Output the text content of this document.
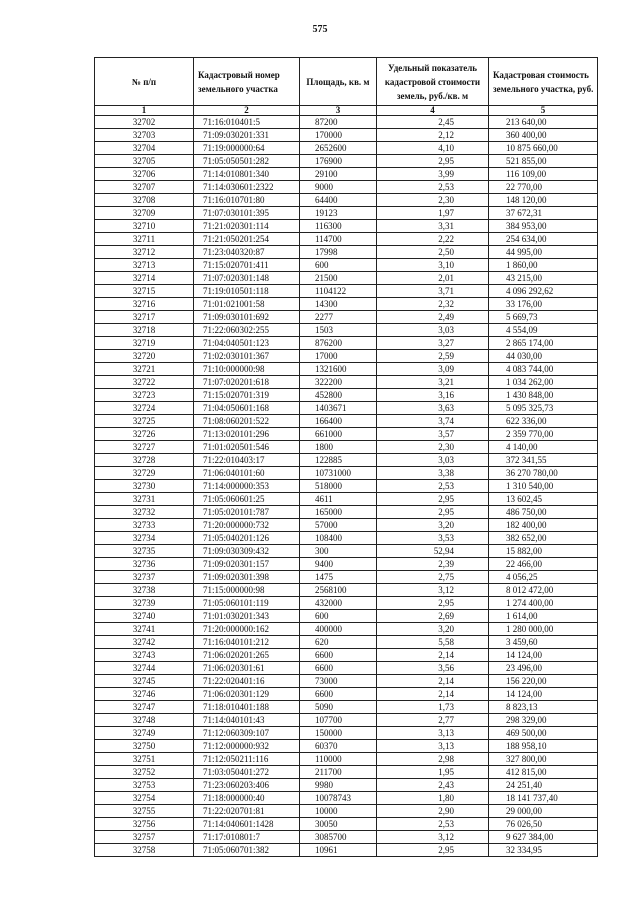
575
№ п/п	Кадастровый номер земельного участка	Площадь, кв. м	Удельный показатель кадастровой стоимости земель, руб./кв. м	Кадастровая стоимость земельного участка, руб.
1	2	3	4	5
32702	71:16:010401:5	87200	2,45	213 640,00
32703	71:09:030201:331	170000	2,12	360 400,00
32704	71:19:000000:64	2652600	4,10	10 875 660,00
32705	71:05:050501:282	176900	2,95	521 855,00
32706	71:14:010801:340	29100	3,99	116 109,00
32707	71:14:030601:2322	9000	2,53	22 770,00
32708	71:16:010701:80	64400	2,30	148 120,00
32709	71:07:030101:395	19123	1,97	37 672,31
32710	71:21:020301:114	116300	3,31	384 953,00
32711	71:21:050201:254	114700	2,22	254 634,00
32712	71:23:040320:87	17998	2,50	44 995,00
32713	71:15:020701:411	600	3,10	1 860,00
32714	71:07:020301:148	21500	2,01	43 215,00
32715	71:19:010501:118	1104122	3,71	4 096 292,62
32716	71:01:021001:58	14300	2,32	33 176,00
32717	71:09:030101:692	2277	2,49	5 669,73
32718	71:22:060302:255	1503	3,03	4 554,09
32719	71:04:040501:123	876200	3,27	2 865 174,00
32720	71:02:030101:367	17000	2,59	44 030,00
32721	71:10:000000:98	1321600	3,09	4 083 744,00
32722	71:07:020201:618	322200	3,21	1 034 262,00
32723	71:15:020701:319	452800	3,16	1 430 848,00
32724	71:04:050601:168	1403671	3,63	5 095 325,73
32725	71:08:060201:522	166400	3,74	622 336,00
32726	71:13:020101:296	661000	3,57	2 359 770,00
32727	71:01:020501:546	1800	2,30	4 140,00
32728	71:22:010403:17	122885	3,03	372 341,55
32729	71:06:040101:60	10731000	3,38	36 270 780,00
32730	71:14:000000:353	518000	2,53	1 310 540,00
32731	71:05:060601:25	4611	2,95	13 602,45
32732	71:05:020101:787	165000	2,95	486 750,00
32733	71:20:000000:732	57000	3,20	182 400,00
32734	71:05:040201:126	108400	3,53	382 652,00
32735	71:09:030309:432	300	52,94	15 882,00
32736	71:09:020301:157	9400	2,39	22 466,00
32737	71:09:020301:398	1475	2,75	4 056,25
32738	71:15:000000:98	2568100	3,12	8 012 472,00
32739	71:05:060101:119	432000	2,95	1 274 400,00
32740	71:01:030201:343	600	2,69	1 614,00
32741	71:20:000000:162	400000	3,20	1 280 000,00
32742	71:16:040101:212	620	5,58	3 459,60
32743	71:06:020201:265	6600	2,14	14 124,00
32744	71:06:020301:61	6600	3,56	23 496,00
32745	71:22:020401:16	73000	2,14	156 220,00
32746	71:06:020301:129	6600	2,14	14 124,00
32747	71:18:010401:188	5090	1,73	8 823,13
32748	71:14:040101:43	107700	2,77	298 329,00
32749	71:12:060309:107	150000	3,13	469 500,00
32750	71:12:000000:932	60370	3,13	188 958,10
32751	71:12:050211:116	110000	2,98	327 800,00
32752	71:03:050401:272	211700	1,95	412 815,00
32753	71:23:060203:406	9980	2,43	24 251,40
32754	71:18:000000:40	10078743	1,80	18 141 737,40
32755	71:22:020701:81	10000	2,90	29 000,00
32756	71:14:040601:1428	30050	2,53	76 026,50
32757	71:17:010801:7	3085700	3,12	9 627 384,00
32758	71:05:060701:382	10961	2,95	32 334,95
